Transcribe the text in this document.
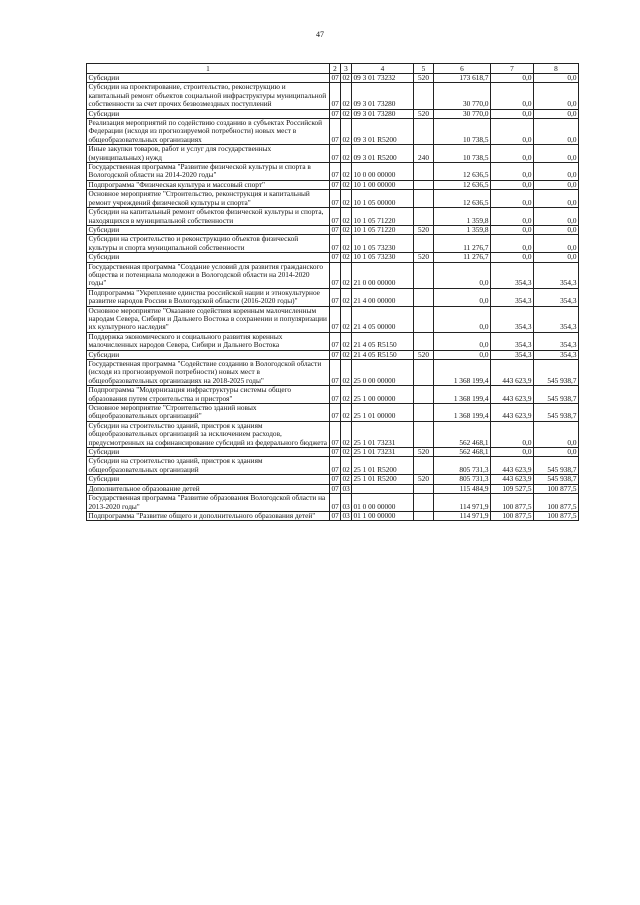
47
1	2	3	4	5	6	7	8
Субсидии	07	02	09 3 01 73232	520	173 618,7	0,0	0,0
Субсидии на проектирование, строительство, реконструкцию и капитальный ремонт объектов социальной инфраструктуры муниципальной собственности за счет прочих безвозмездных поступлений	07	02	09 3 01 73280		30 770,0	0,0	0,0
Субсидии	07	02	09 3 01 73280	520	30 770,0	0,0	0,0
Реализация мероприятий по содействию созданию в субъектах Российской Федерации (исходя из прогнозируемой потребности) новых мест в общеобразовательных организациях	07	02	09 3 01 R5200		10 738,5	0,0	0,0
Иные закупки товаров, работ и услуг для государственных (муниципальных) нужд	07	02	09 3 01 R5200	240	10 738,5	0,0	0,0
Государственная программа "Развитие физической культуры и спорта в Вологодской области на 2014-2020 годы"	07	02	10 0 00 00000		12 636,5	0,0	0,0
Подпрограмма "Физическая культура и массовый спорт"	07	02	10 1 00 00000		12 636,5	0,0	0,0
Основное мероприятие "Строительство, реконструкция и капитальный ремонт учреждений физической культуры и спорта"	07	02	10 1 05 00000		12 636,5	0,0	0,0
Субсидии на капитальный ремонт объектов физической культуры и спорта, находящихся в муниципальной собственности	07	02	10 1 05 71220		1 359,8	0,0	0,0
Субсидии	07	02	10 1 05 71220	520	1 359,8	0,0	0,0
Субсидии на строительство и реконструкцию объектов физической культуры и спорта муниципальной собственности	07	02	10 1 05 73230		11 276,7	0,0	0,0
Субсидии	07	02	10 1 05 73230	520	11 276,7	0,0	0,0
Государственная программа "Создание условий для развития гражданского общества и потенциала молодежи в Вологодской области на 2014-2020 годы"	07	02	21 0 00 00000		0,0	354,3	354,3
Подпрограмма "Укрепление единства российской нации и этнокультурное развитие народов России в Вологодской области (2016-2020 годы)"	07	02	21 4 00 00000		0,0	354,3	354,3
Основное мероприятие "Оказание содействия коренным малочисленным народам Севера, Сибири и Дальнего Востока в сохранении и популяризации их культурного наследия"	07	02	21 4 05 00000		0,0	354,3	354,3
Поддержка экономического и социального развития коренных малочисленных народов Севера, Сибири и Дальнего Востока	07	02	21 4 05 R5150		0,0	354,3	354,3
Субсидии	07	02	21 4 05 R5150	520	0,0	354,3	354,3
Государственная программа "Содействие созданию в Вологодской области (исходя из прогнозируемой потребности) новых мест в общеобразовательных организациях на 2018-2025 годы"	07	02	25 0 00 00000		1 368 199,4	443 623,9	545 938,7
Подпрограмма "Модернизация инфраструктуры системы общего образования путем строительства и пристроя"	07	02	25 1 00 00000		1 368 199,4	443 623,9	545 938,7
Основное мероприятие "Строительство зданий новых общеобразовательных организаций"	07	02	25 1 01 00000		1 368 199,4	443 623,9	545 938,7
Субсидии на строительство зданий, пристроя к зданиям общеобразовательных организаций за исключением расходов, предусмотренных на софинансирование субсидий из федерального бюджета	07	02	25 1 01 73231		562 468,1	0,0	0,0
Субсидии	07	02	25 1 01 73231	520	562 468,1	0,0	0,0
Субсидии на строительство зданий, пристроя к зданиям общеобразовательных организаций	07	02	25 1 01 R5200		805 731,3	443 623,9	545 938,7
Субсидии	07	02	25 1 01 R5200	520	805 731,3	443 623,9	545 938,7
Дополнительное образование детей	07	03			115 484,9	109 527,5	100 877,5
Государственная программа "Развитие образования Вологодской области на 2013-2020 годы"	07	03	01 0 00 00000		114 971,9	100 877,5	100 877,5
Подпрограмма "Развитие общего и дополнительного образования детей"	07	03	01 1 00 00000		114 971,9	100 877,5	100 877,5
